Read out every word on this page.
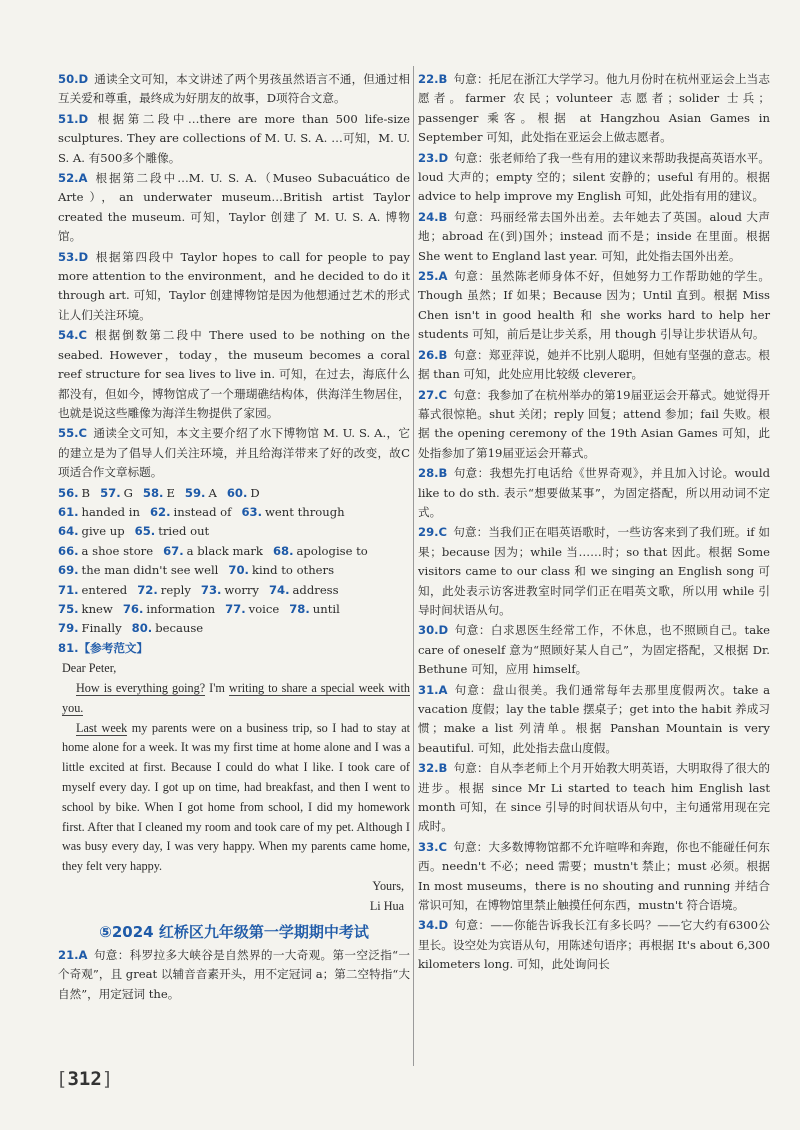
50.D 通读全文可知，本文讲述了两个男孩虽然语言不通，但通过相互关爱和尊重，最终成为好朋友的故事，D项符合文意。
51.D 根据第二段中…there are more than 500 life-size sculptures. They are collections of M. U. S. A. …可知，M. U. S. A. 有500多个雕像。
52.A 根据第二段中…M. U. S. A.（Museo Subacuático de Arte），an underwater museum…British artist Taylor created the museum. 可知，Taylor 创建了 M. U. S. A. 博物馆。
53.D 根据第四段中 Taylor hopes to call for people to pay more attention to the environment，and he decided to do it through art. 可知，Taylor 创建博物馆是因为他想通过艺术的形式让人们关注环境。
54.C 根据倒数第二段中 There used to be nothing on the seabed. However，today，the museum becomes a coral reef structure for sea lives to live in. 可知，在过去，海底什么都没有，但如今，博物馆成了一个珊瑚礁结构体，供海洋生物居住，也就是说这些雕像为海洋生物提供了家园。
55.C 通读全文可知，本文主要介绍了水下博物馆 M. U. S. A.，它的建立是为了倡导人们关注环境，并且给海洋带来了好的改变，故C项适合作文章标题。
56. B 57. G 58. E 59. A 60. D
61. handed in 62. instead of 63. went through
64. give up 65. tried out
66. a shoe store 67. a black mark 68. apologise to
69. the man didn't see well 70. kind to others
71. entered 72. reply 73. worry 74. address
75. knew 76. information 77. voice 78. until
79. Finally 80. because
81.【参考范文】
Dear Peter,

How is everything going? I'm writing to share a special week with you.

Last week my parents were on a business trip, so I had to stay at home alone for a week. It was my first time at home alone and I was a little excited at first. Because I could do what I like. I took care of myself every day. I got up on time, had breakfast, and then I went to school by bike. When I got home from school, I did my homework first. After that I cleaned my room and took care of my pet. Although I was busy every day, I was very happy. When my parents came home, they felt very happy.

Yours,
Li Hua
⑤2024 红桥区九年级第一学期期中考试
21.A 句意：科罗拉多大峡谷是自然界的一大奇观。第一空泛指“一个奇观”，且 great 以辅音音素开头，用不定冠词 a；第二空特指“大自然”，用定冠词 the。
22.B 句意：托尼在浙江大学学习。他九月份时在杭州亚运会上当志愿者。farmer 农民；volunteer 志愿者；solider 士兵；passenger 乘客。根据 at Hangzhou Asian Games in September 可知，此处指在亚运会上做志愿者。
23.D 句意：张老师给了我一些有用的建议来帮助我提高英语水平。loud 大声的；empty 空的；silent 安静的；useful 有用的。根据 advice to help improve my English 可知，此处指有用的建议。
24.B 句意：玛丽经常去国外出差。去年她去了英国。aloud 大声地；abroad 在(到)国外；instead 而不是；inside 在里面。根据 She went to England last year. 可知，此处指去国外出差。
25.A 句意：虽然陈老师身体不好，但她努力工作帮助她的学生。Though 虽然；If 如果；Because 因为；Until 直到。根据 Miss Chen isn't in good health 和 she works hard to help her students 可知，前后是让步关系，用 though 引导让步状语从句。
26.B 句意：郑亚萍说，她并不比别人聪明，但她有坚强的意志。根据 than 可知，此处应用比较级 cleverer。
27.C 句意：我参加了在杭州举办的第19届亚运会开幕式。她觉得开幕式很惊艳。shut 关闭；reply 回复；attend 参加；fail 失败。根据 the opening ceremony of the 19th Asian Games 可知，此处指参加了第19届亚运会开幕式。
28.B 句意：我想先打电话给《世界奇观》，并且加入讨论。would like to do sth. 表示“想要做某事”，为固定搭配，所以用动词不定式。
29.C 句意：当我们正在唱英语歌时，一些访客来到了我们班。if 如果；because 因为；while 当……时；so that 因此。根据 Some visitors came to our class 和 we singing an English song 可知，此处表示访客进教室时同学们正在唱英文歌，所以用 while 引导时间状语从句。
30.D 句意：白求恩医生经常工作，不休息，也不照顾自己。take care of oneself 意为“照顾好某人自己”，为固定搭配，又根据 Dr. Bethune 可知，应用 himself。
31.A 句意：盘山很美。我们通常每年去那里度假两次。take a vacation 度假；lay the table 摆桌子；get into the habit 养成习惯；make a list 列清单。根据 Panshan Mountain is very beautiful. 可知，此处指去盘山度假。
32.B 句意：自从李老师上个月开始教大明英语，大明取得了很大的进步。根据 since Mr Li started to teach him English last month 可知，在 since 引导的时间状语从句中，主句通常用现在完成时。
33.C 句意：大多数博物馆都不允许喧哗和奔跑，你也不能碰任何东西。needn't 不必；need 需要；mustn't 禁止；must 必须。根据 In most museums，there is no shouting and running 并结合常识可知，在博物馆里禁止触摸任何东西，mustn't 符合语境。
34.D 句意：——你能告诉我长江有多长吗？——它大约有6300公里长。设空处为宾语从句，用陈述句语序；再根据 It's about 6,300 kilometers long. 可知，此处询问长
[312]
